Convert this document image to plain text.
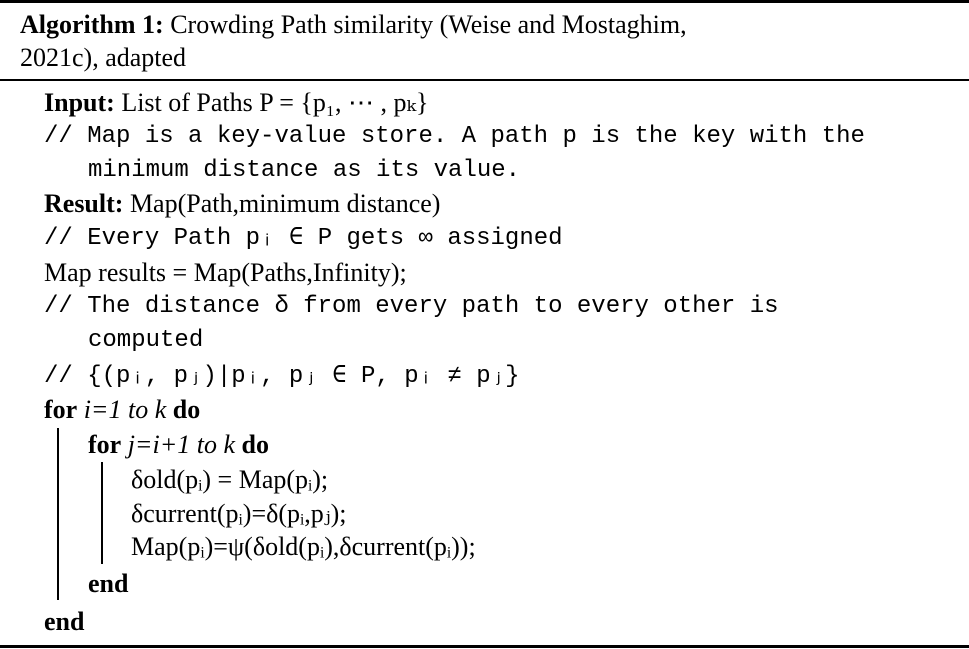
Algorithm 1: Crowding Path similarity (Weise and Mostaghim,
2021c), adapted
Input: List of Paths P = {p₁, ⋯ , pₖ}
// Map is a key-value store. A path p is the key with the
minimum distance as its value.
Result: Map(Path,minimum distance)
// Every Path pᵢ ∈ P gets ∞ assigned
Map results = Map(Paths,Infinity);
// The distance δ from every path to every other is
computed
// {(pᵢ, pⱼ)|pᵢ, pⱼ ∈ P, pᵢ ≠ pⱼ}
for i=1 to k do
for j=i+1 to k do
δold(pᵢ) = Map(pᵢ);
δcurrent(pᵢ)=δ(pᵢ,pⱼ);
Map(pᵢ)=ψ(δold(pᵢ),δcurrent(pᵢ));
end
end
